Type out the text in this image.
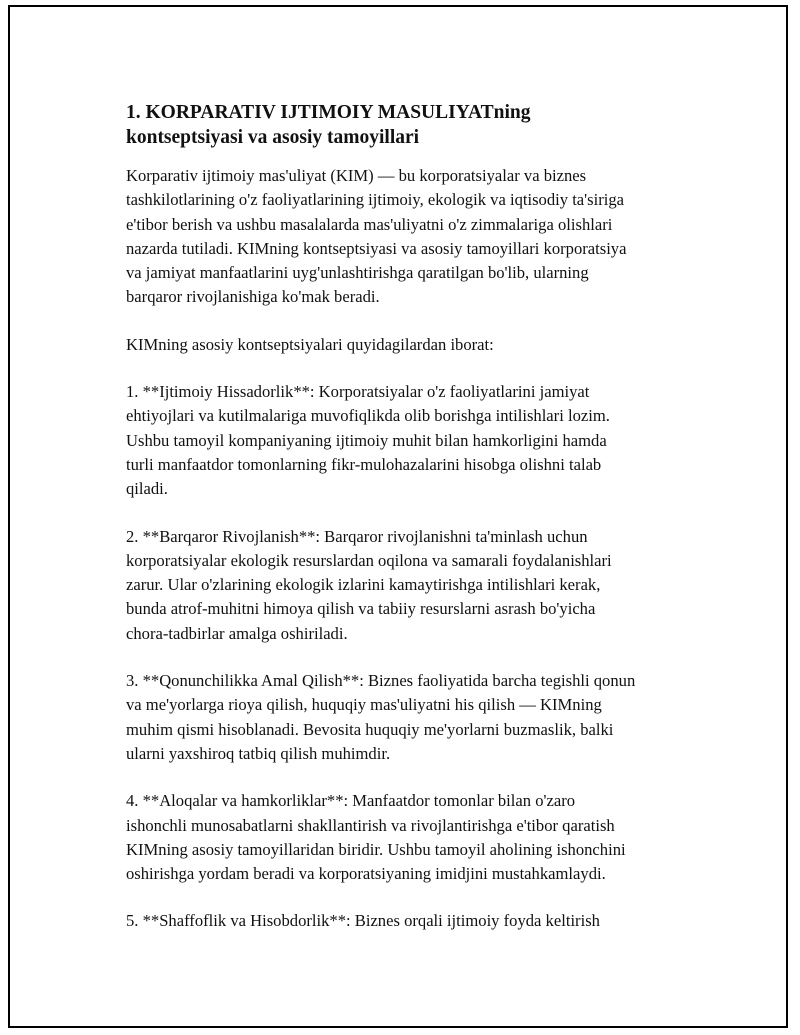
1. KORPARATIV IJTIMOIY MASULIYATning
kontseptsiyasi va asosiy tamoyillari

Korparativ ijtimoiy mas'uliyat (KIM) — bu korporatsiyalar va biznes
tashkilotlarining o'z faoliyatlarining ijtimoiy, ekologik va iqtisodiy ta'siriga
e'tibor berish va ushbu masalalarda mas'uliyatni o'z zimmalariga olishlari
nazarda tutiladi. KIMning kontseptsiyasi va asosiy tamoyillari korporatsiya
va jamiyat manfaatlarini uyg'unlashtirishga qaratilgan bo'lib, ularning
barqaror rivojlanishiga ko'mak beradi.

KIMning asosiy kontseptsiyalari quyidagilardan iborat:

1. **Ijtimoiy Hissadorlik**: Korporatsiyalar o'z faoliyatlarini jamiyat
ehtiyojlari va kutilmalariga muvofiqlikda olib borishga intilishlari lozim.
Ushbu tamoyil kompaniyaning ijtimoiy muhit bilan hamkorligini hamda
turli manfaatdor tomonlarning fikr-mulohazalarini hisobga olishni talab
qiladi.

2. **Barqaror Rivojlanish**: Barqaror rivojlanishni ta'minlash uchun
korporatsiyalar ekologik resurslardan oqilona va samarali foydalanishlari
zarur. Ular o'zlarining ekologik izlarini kamaytirishga intilishlari kerak,
bunda atrof-muhitni himoya qilish va tabiiy resurslarni asrash bo'yicha
chora-tadbirlar amalga oshiriladi.

3. **Qonunchilikka Amal Qilish**: Biznes faoliyatida barcha tegishli qonun
va me'yorlarga rioya qilish, huquqiy mas'uliyatni his qilish — KIMning
muhim qismi hisoblanadi. Bevosita huquqiy me'yorlarni buzmaslik, balki
ularni yaxshiroq tatbiq qilish muhimdir.

4. **Aloqalar va hamkorliklar**: Manfaatdor tomonlar bilan o'zaro
ishonchli munosabatlarni shakllantirish va rivojlantirishga e'tibor qaratish
KIMning asosiy tamoyillaridan biridir. Ushbu tamoyil aholining ishonchini
oshirishga yordam beradi va korporatsiyaning imidjini mustahkamlaydi.

5. **Shaffoflik va Hisobdorlik**: Biznes orqali ijtimoiy foyda keltirish
